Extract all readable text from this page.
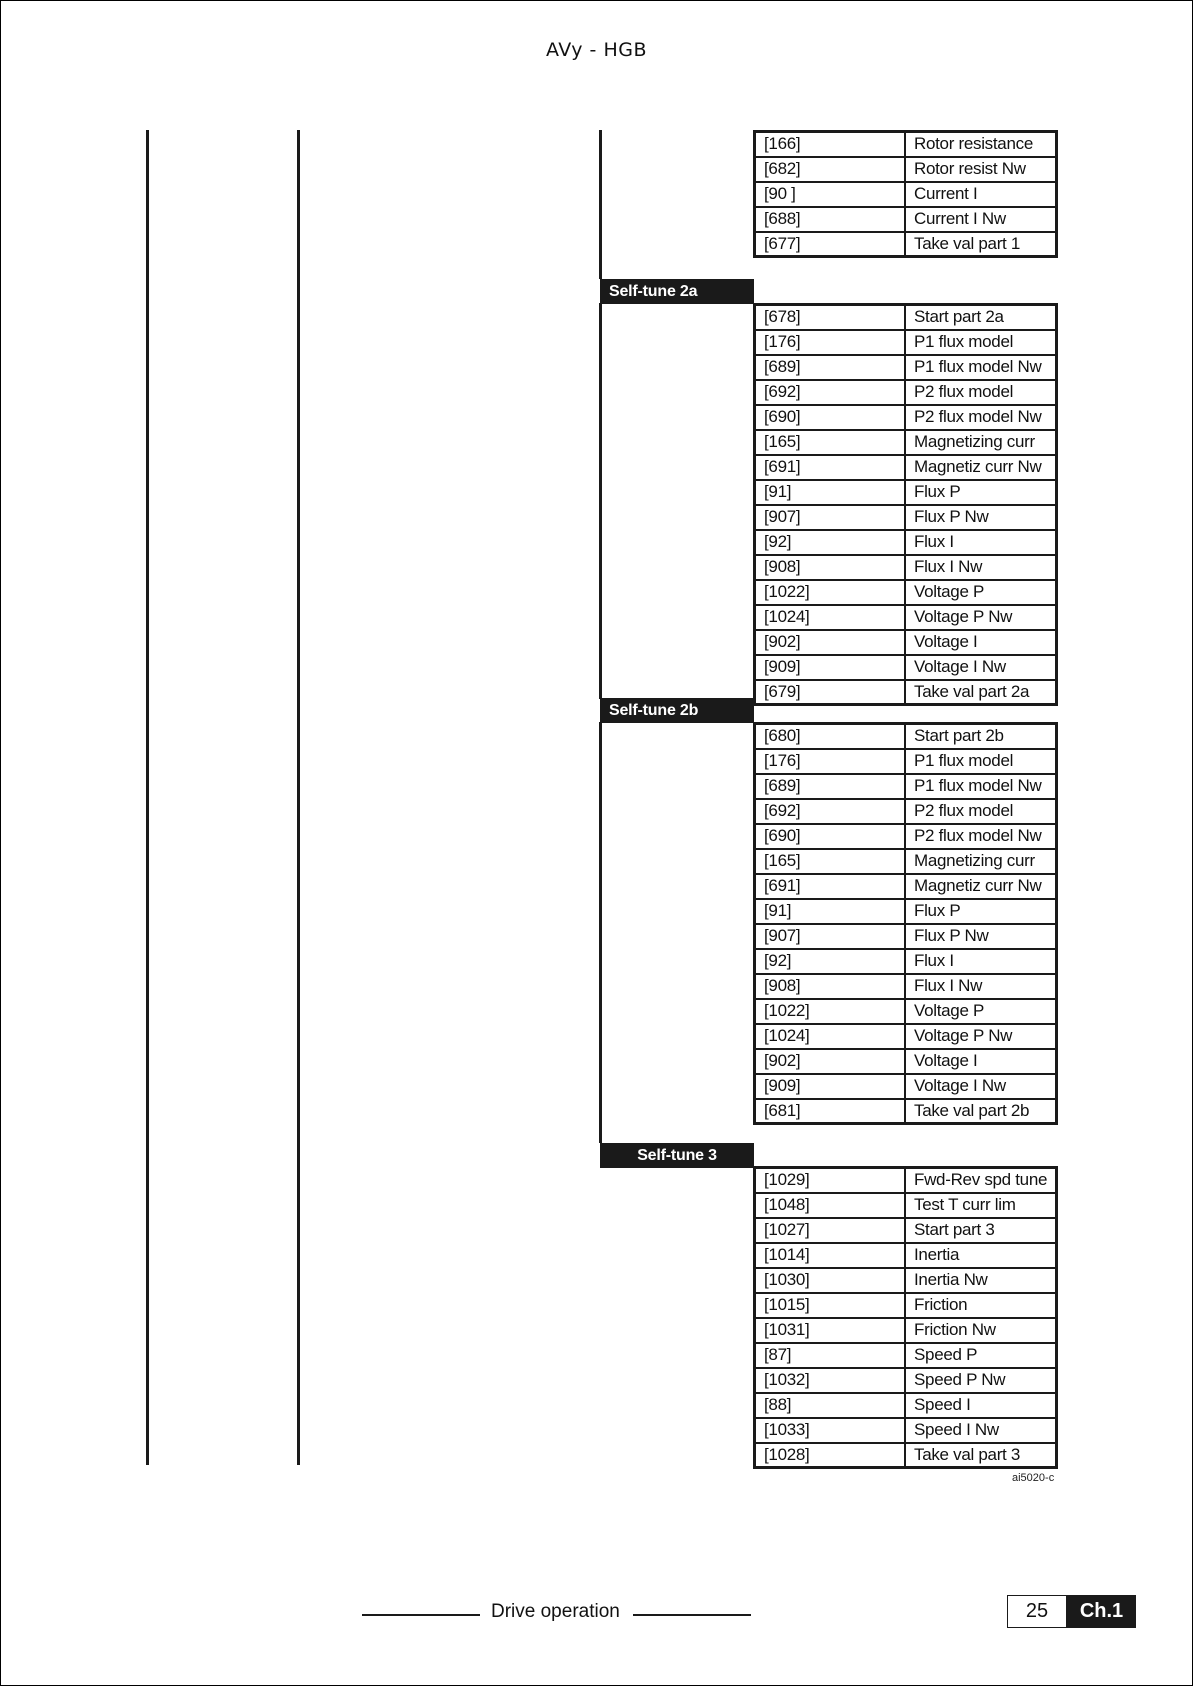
AVy - HGB
[166]	Rotor resistance
[682]	Rotor resist Nw
[90 ]	Current I
[688]	Current I Nw
[677]	Take val part 1
Self-tune 2a
[678]	Start part 2a
[176]	P1 flux model
[689]	P1 flux model Nw
[692]	P2 flux model
[690]	P2 flux model Nw
[165]	Magnetizing curr
[691]	Magnetiz curr Nw
[91]	Flux P
[907]	Flux P Nw
[92]	Flux I
[908]	Flux I Nw
[1022]	Voltage P
[1024]	Voltage P Nw
[902]	Voltage I
[909]	Voltage I Nw
[679]	Take val part 2a
Self-tune 2b
[680]	Start part 2b
[176]	P1 flux model
[689]	P1 flux model Nw
[692]	P2 flux model
[690]	P2 flux model Nw
[165]	Magnetizing curr
[691]	Magnetiz curr Nw
[91]	Flux P
[907]	Flux P Nw
[92]	Flux I
[908]	Flux I Nw
[1022]	Voltage P
[1024]	Voltage P Nw
[902]	Voltage I
[909]	Voltage I Nw
[681]	Take val part 2b
Self-tune 3
[1029]	Fwd-Rev spd tune
[1048]	Test T curr lim
[1027]	Start part 3
[1014]	Inertia
[1030]	Inertia Nw
[1015]	Friction
[1031]	Friction Nw
[87]	Speed P
[1032]	Speed P Nw
[88]	Speed I
[1033]	Speed I Nw
[1028]	Take val part 3
ai5020-c
Drive operation	25	Ch.1
